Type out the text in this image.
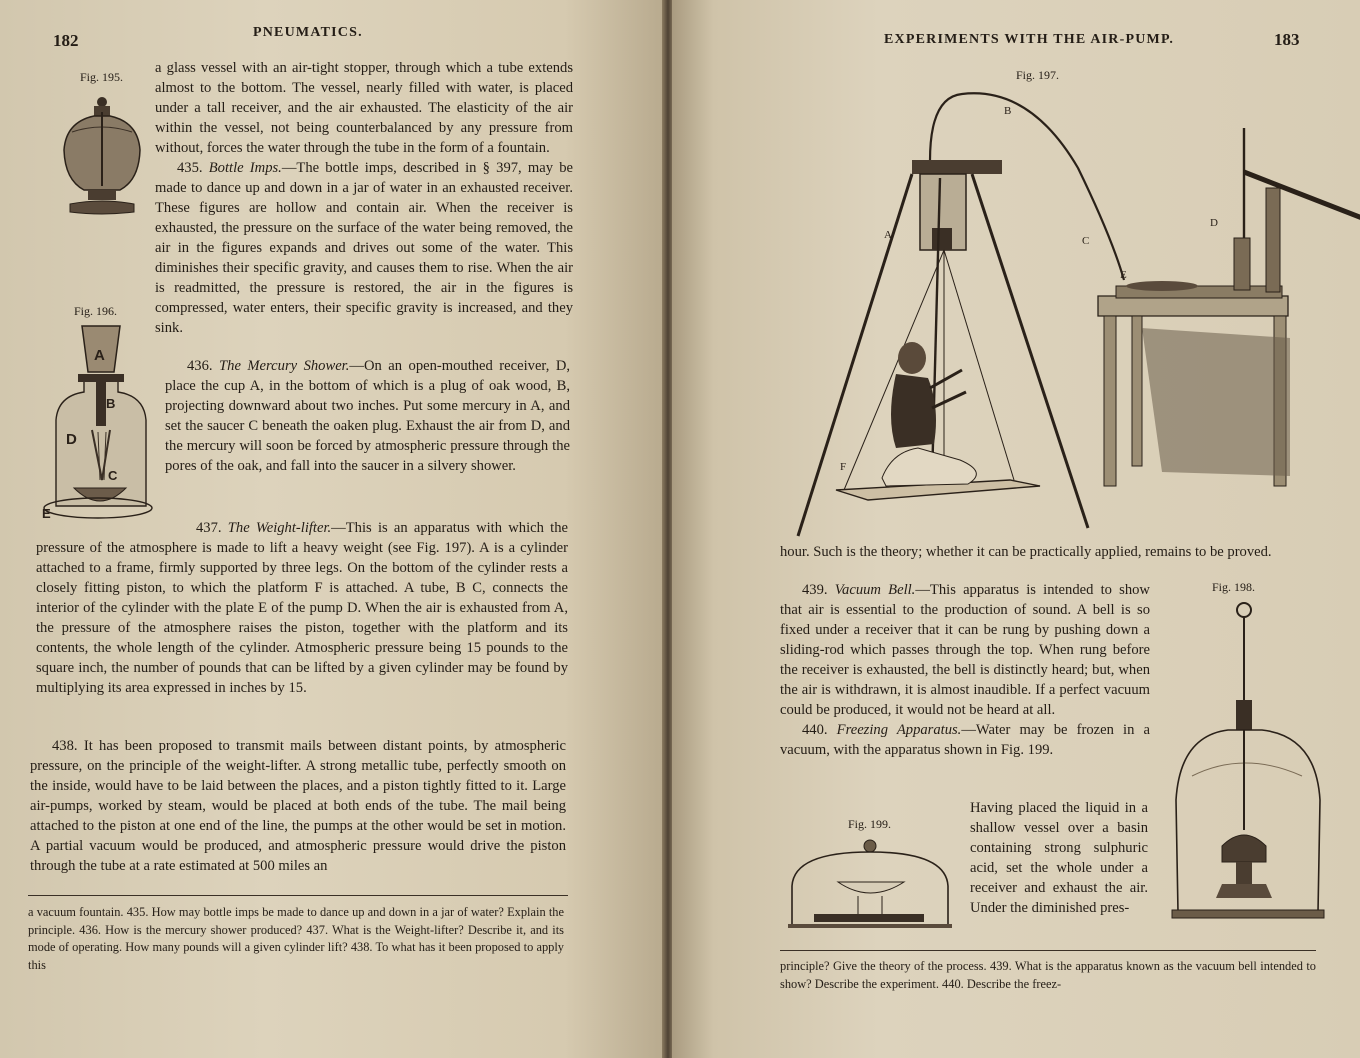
182	PNEUMATICS.
Fig. 195.
Fig. 196.
A
B
D
C
E

a glass vessel with an air-tight stopper, through which a tube extends almost to the bottom. The vessel, nearly filled with water, is placed under a tall receiver, and the air exhausted. The elasticity of the air within the vessel, not being counterbalanced by any pressure from without, forces the water through the tube in the form of a fountain.

435. Bottle Imps.—The bottle imps, described in § 397, may be made to dance up and down in a jar of water in an exhausted receiver. These figures are hollow and contain air. When the receiver is exhausted, the pressure on the surface of the water being removed, the air in the figures expands and drives out some of the water. This diminishes their specific gravity, and causes them to rise. When the air is readmitted, the pressure is restored, the air in the figures is compressed, water enters, their specific gravity is increased, and they sink.

436. The Mercury Shower.—On an open-mouthed receiver, D, place the cup A, in the bottom of which is a plug of oak wood, B, projecting downward about two inches. Put some mercury in A, and set the saucer C beneath the oaken plug. Exhaust the air from D, and the mercury will soon be forced by atmospheric pressure through the pores of the oak, and fall into the saucer in a silvery shower.

437. The Weight-lifter.—This is an apparatus with which the pressure of the atmosphere is made to lift a heavy weight (see Fig. 197). A is a cylinder attached to a frame, firmly supported by three legs. On the bottom of the cylinder rests a closely fitting piston, to which the platform F is attached. A tube, B C, connects the interior of the cylinder with the plate E of the pump D. When the air is exhausted from A, the pressure of the atmosphere raises the piston, together with the platform and its contents, the whole length of the cylinder. Atmospheric pressure being 15 pounds to the square inch, the number of pounds that can be lifted by a given cylinder may be found by multiplying its area expressed in inches by 15.

438. It has been proposed to transmit mails between distant points, by atmospheric pressure, on the principle of the weight-lifter. A strong metallic tube, perfectly smooth on the inside, would have to be laid between the places, and a piston tightly fitted to it. Large air-pumps, worked by steam, would be placed at both ends of the tube. The mail being attached to the piston at one end of the line, the pumps at the other would be set in motion. A partial vacuum would be produced, and atmospheric pressure would drive the piston through the tube at a rate estimated at 500 miles an

a vacuum fountain. 435. How may bottle imps be made to dance up and down in a jar of water? Explain the principle. 436. How is the mercury shower produced? 437. What is the Weight-lifter? Describe it, and its mode of operating. How many pounds will a given cylinder lift? 438. To what has it been proposed to apply this
EXPERIMENTS WITH THE AIR-PUMP.	183
Fig. 197.
A
B
C
D
E
F

hour. Such is the theory; whether it can be practically applied, remains to be proved.

439. Vacuum Bell.—This apparatus is intended to show that air is essential to the production of sound. A bell is so fixed under a receiver that it can be rung by pushing down a sliding-rod which passes through the top. When rung before the receiver is exhausted, the bell is distinctly heard; but, when the air is withdrawn, it is almost inaudible. If a perfect vacuum could be produced, it would not be heard at all.

440. Freezing Apparatus.—Water may be frozen in a vacuum, with the apparatus shown in Fig. 199.

Having placed the liquid in a shallow vessel over a basin containing strong sulphuric acid, set the whole under a receiver and exhaust the air. Under the diminished pres-
Fig. 198.
Fig. 199.
principle? Give the theory of the process. 439. What is the apparatus known as the vacuum bell intended to show? Describe the experiment. 440. Describe the freez-
